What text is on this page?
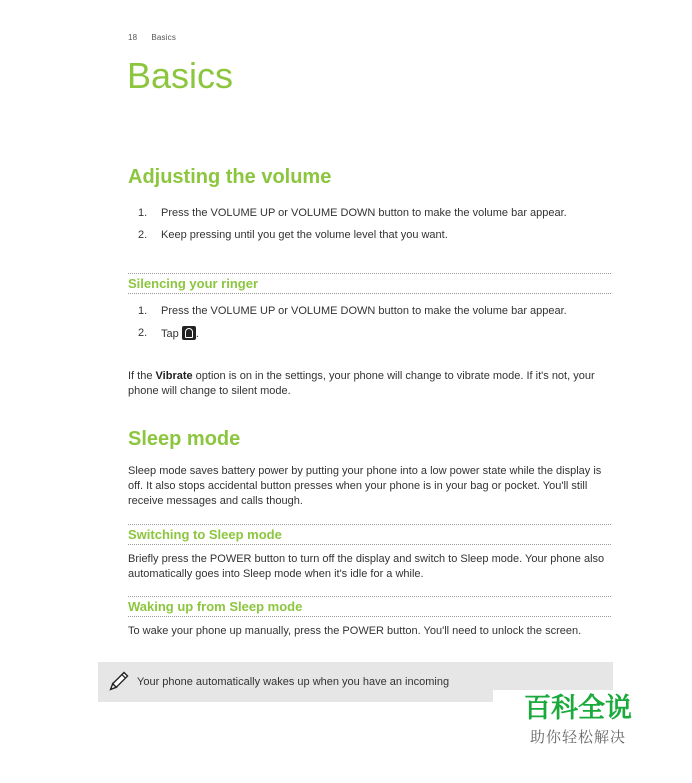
18 Basics
Basics
Adjusting the volume
1. Press the VOLUME UP or VOLUME DOWN button to make the volume bar appear.
2. Keep pressing until you get the volume level that you want.
Silencing your ringer
1. Press the VOLUME UP or VOLUME DOWN button to make the volume bar appear.
2. Tap .

If the Vibrate option is on in the settings, your phone will change to vibrate mode. If it's not, your phone will change to silent mode.

Sleep mode

Sleep mode saves battery power by putting your phone into a low power state while the display is off. It also stops accidental button presses when your phone is in your bag or pocket. You'll still receive messages and calls though.

Switching to Sleep mode

Briefly press the POWER button to turn off the display and switch to Sleep mode. Your phone also automatically goes into Sleep mode when it's idle for a while.

Waking up from Sleep mode

To wake your phone up manually, press the POWER button. You'll need to unlock the screen.

Your phone automatically wakes up when you have an incoming
百科全说
助你轻松解决
